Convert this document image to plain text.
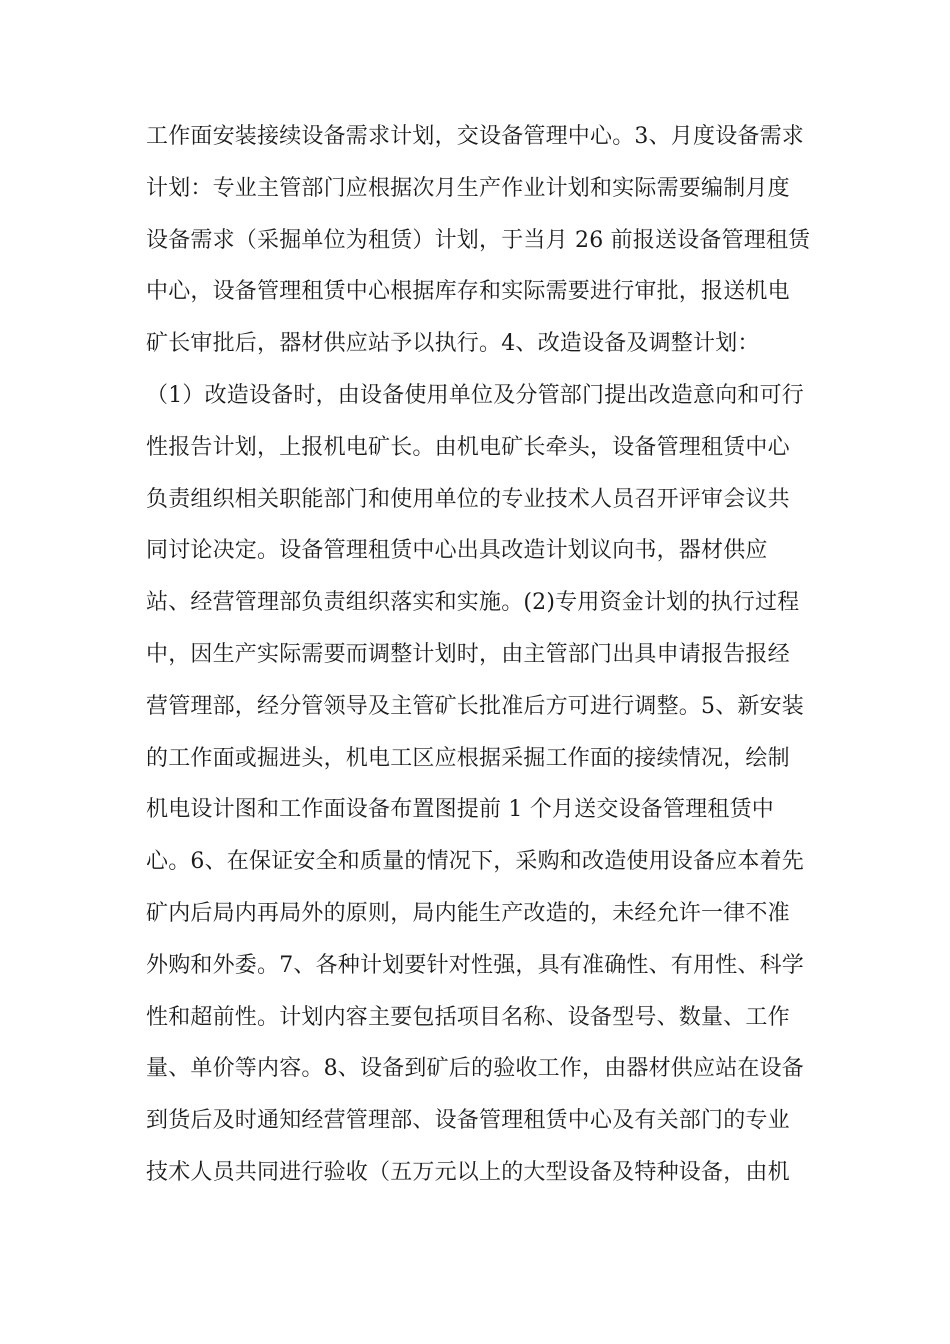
工作面安装接续设备需求计划，交设备管理中心。3、月度设备需求
计划：专业主管部门应根据次月生产作业计划和实际需要编制月度
设备需求（采掘单位为租赁）计划，于当月 26 前报送设备管理租赁
中心，设备管理租赁中心根据库存和实际需要进行审批，报送机电
矿长审批后，器材供应站予以执行。4、改造设备及调整计划：
（1）改造设备时，由设备使用单位及分管部门提出改造意向和可行
性报告计划，上报机电矿长。由机电矿长牵头，设备管理租赁中心
负责组织相关职能部门和使用单位的专业技术人员召开评审会议共
同讨论决定。设备管理租赁中心出具改造计划议向书，器材供应
站、经营管理部负责组织落实和实施。(2)专用资金计划的执行过程
中，因生产实际需要而调整计划时，由主管部门出具申请报告报经
营管理部，经分管领导及主管矿长批准后方可进行调整。5、新安装
的工作面或掘进头，机电工区应根据采掘工作面的接续情况，绘制
机电设计图和工作面设备布置图提前 1 个月送交设备管理租赁中
心。6、在保证安全和质量的情况下，采购和改造使用设备应本着先
矿内后局内再局外的原则，局内能生产改造的，未经允许一律不准
外购和外委。7、各种计划要针对性强，具有准确性、有用性、科学
性和超前性。计划内容主要包括项目名称、设备型号、数量、工作
量、单价等内容。8、设备到矿后的验收工作，由器材供应站在设备
到货后及时通知经营管理部、设备管理租赁中心及有关部门的专业
技术人员共同进行验收（五万元以上的大型设备及特种设备，由机
